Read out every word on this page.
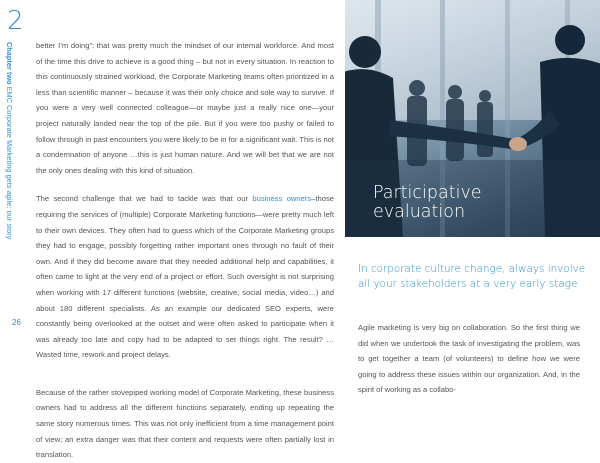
2
Chapter two EMC Corporate Marketing gets agile: our story
26

better I’m doing”: that was pretty much the mindset of our internal workforce. And most of the time this drive to achieve is a good thing – but not in every situation. In reaction to this continuously strained workload, the Corporate Marketing teams often prioritized in a less than scientific manner – because it was their only choice and sole way to survive. If you were a very well connected colleague—or maybe just a really nice one—your project naturally landed near the top of the pile. But if you were too pushy or failed to follow through in past encounters you were likely to be in for a significant wait. This is not a condemnation of anyone …this is just human nature. And we will bet that we are not the only ones dealing with this kind of situation.

The second challenge that we had to tackle was that our business owners–those requiring the services of (multiple) Corporate Marketing functions—were pretty much left to their own devices. They often had to guess which of the Corporate Marketing groups they had to engage, possibly forgetting rather important ones through no fault of their own. And if they did become aware that they needed additional help and capabilities, it often came to light at the very end of a project or effort. Such oversight is not surprising when working with 17 different functions (website, creative, social media, video…) and about 180 different specialists. As an example our dedicated SEO experts, were constantly being overlooked at the outset and were often asked to participate when it was already too late and copy had to be adapted to set things right. The result? … Wasted time, rework and project delays.

Because of the rather stovepiped working model of Corporate Marketing, these business owners had to address all the different functions separately, ending up repeating the same story numerous times. This was not only inefficient from a time management point of view; an extra danger was that their content and requests were often partially lost in translation.

Participative
evaluation
In corporate culture change, always involve all your stakeholders at a very early stage

Agile marketing is very big on collaboration. So the first thing we did when we undertook the task of investigating the problem, was to get together a team (of volunteers) to define how we were going to address these issues within our organization. And, in the spirit of working as a collabo-
